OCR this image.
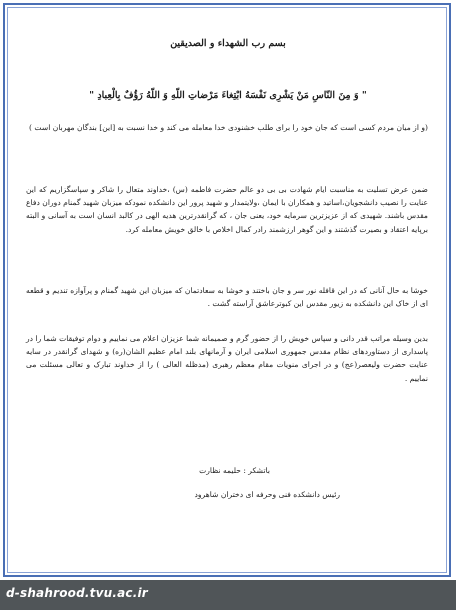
بسم رب الشهداء و الصدیقین
" وَ مِنَ النّاسِ مَنْ یَشْرِی نَفْسَهُ ابْتِغاءَ مَرْضاتِ اللّهِ وَ اللّهُ رَؤُفٌ بِالْعِبادِ "
(و از میان مردم کسی است که جان خود را برای طلب خشنودی خدا معامله می کند و خدا نسبت به [این] بندگان مهربان است )
ضمن عرض تسلیت به مناسبت ایام شهادت بی بی دو عالم حضرت فاطمه (س) ،خداوند متعال را شاکر و سپاسگزاریم که این عنایت را نصیب دانشجویان،اساتید و همکاران با ایمان ،ولایتمدار و شهید پرور این دانشکده نمودکه میزبان شهید گمنام دوران دفاع مقدس باشند. شهیدی که از عزیزترین سرمایه خود، یعنی جان ، که گرانقدرترین هدیه الهی در کالبد انسان است به آسانی و البته برپایه اعتقاد و بصیرت گذشتند و این گوهر ارزشمند رادر کمال اخلاص با خالق خویش معامله کرد.
خوشا به حال آنانی که در این قافله نور سر و جان باختند و خوشا به سعادتمان که میزبان این شهید گمنام و پرآوازه تندیم و قطعه ای از خاک این دانشکده به زیور مقدس این کبوترعاشق آراسته گشت .
بدین وسیله مراتب قدر دانی و سپاس خویش را از حضور گرم و صمیمانه شما عزیزان اعلام می نماییم و دوام توفیقات شما را در پاسداری از دستاوردهای نظام مقدس جمهوری اسلامی ایران و آرمانهای بلند امام عظیم الشان(ره) و شهدای گرانقدر در سایه عنایت حضرت ولیعصر(عج) و در اجرای منویات مقام معظم رهبری (مدظله العالی ) را از خداوند تبارک و تعالی مسئلت می نماییم .
باتشکر : حلیمه نظارت
رئیس دانشکده فنی وحرفه ای دختران شاهرود
d-shahrood.tvu.ac.ir
